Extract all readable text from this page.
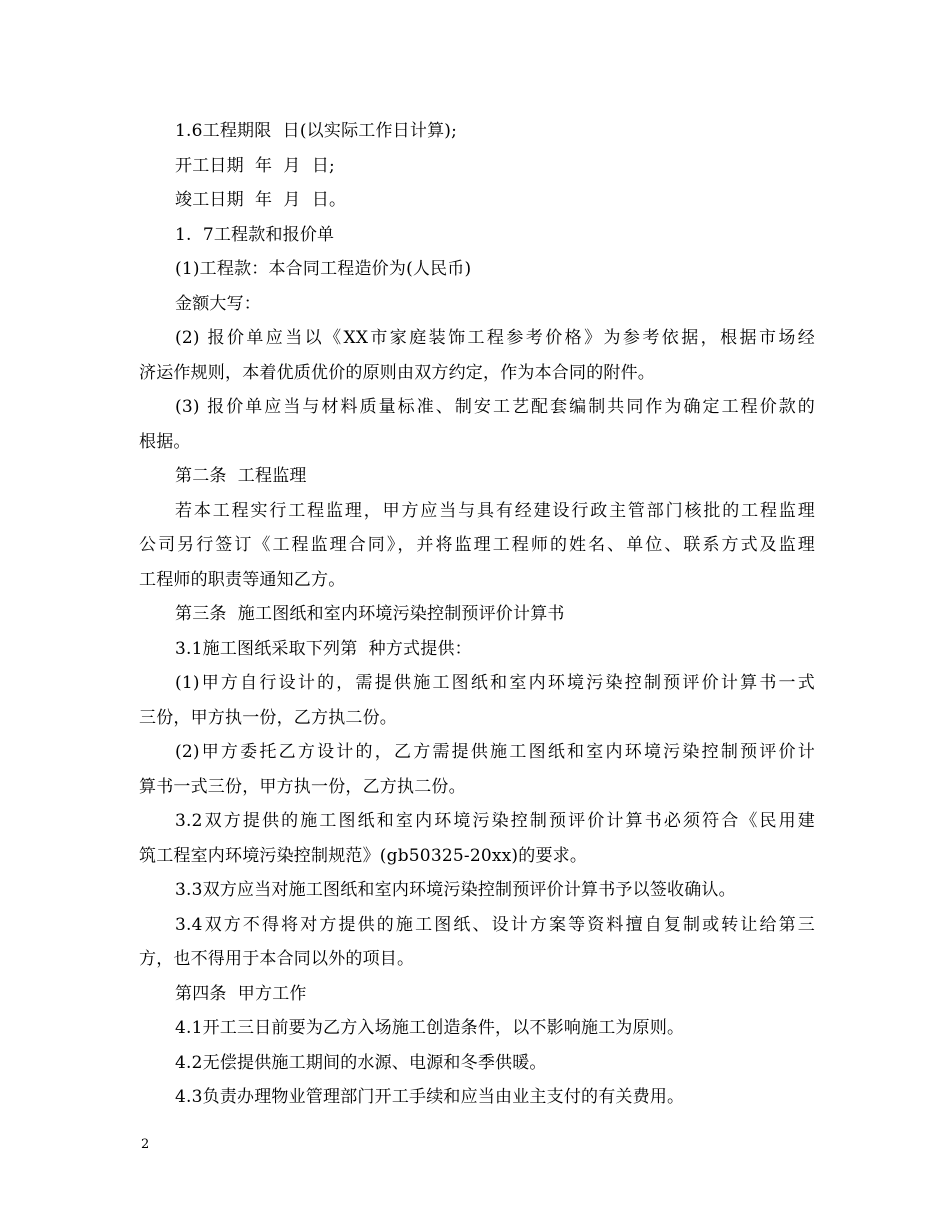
1.6工程期限  日(以实际工作日计算);
开工日期  年  月  日;
竣工日期  年  月  日。
1.  7工程款和报价单
(1)工程款：本合同工程造价为(人民币)
金额大写：
(2) 报价单应当以《XX市家庭装饰工程参考价格》为参考依据，根据市场经
济运作规则，本着优质优价的原则由双方约定，作为本合同的附件。
(3) 报价单应当与材料质量标准、制安工艺配套编制共同作为确定工程价款的
根据。
第二条  工程监理
若本工程实行工程监理，甲方应当与具有经建设行政主管部门核批的工程监理
公司另行签订《工程监理合同》，并将监理工程师的姓名、单位、联系方式及监理
工程师的职责等通知乙方。
第三条  施工图纸和室内环境污染控制预评价计算书
3.1施工图纸采取下列第  种方式提供：
(1)甲方自行设计的，需提供施工图纸和室内环境污染控制预评价计算书一式
三份，甲方执一份，乙方执二份。
(2)甲方委托乙方设计的，乙方需提供施工图纸和室内环境污染控制预评价计
算书一式三份，甲方执一份，乙方执二份。
3.2双方提供的施工图纸和室内环境污染控制预评价计算书必须符合《民用建
筑工程室内环境污染控制规范》(gb50325-20xx)的要求。
3.3双方应当对施工图纸和室内环境污染控制预评价计算书予以签收确认。
3.4双方不得将对方提供的施工图纸、设计方案等资料擅自复制或转让给第三
方，也不得用于本合同以外的项目。
第四条  甲方工作
4.1开工三日前要为乙方入场施工创造条件，以不影响施工为原则。
4.2无偿提供施工期间的水源、电源和冬季供暖。
4.3负责办理物业管理部门开工手续和应当由业主支付的有关费用。
2
